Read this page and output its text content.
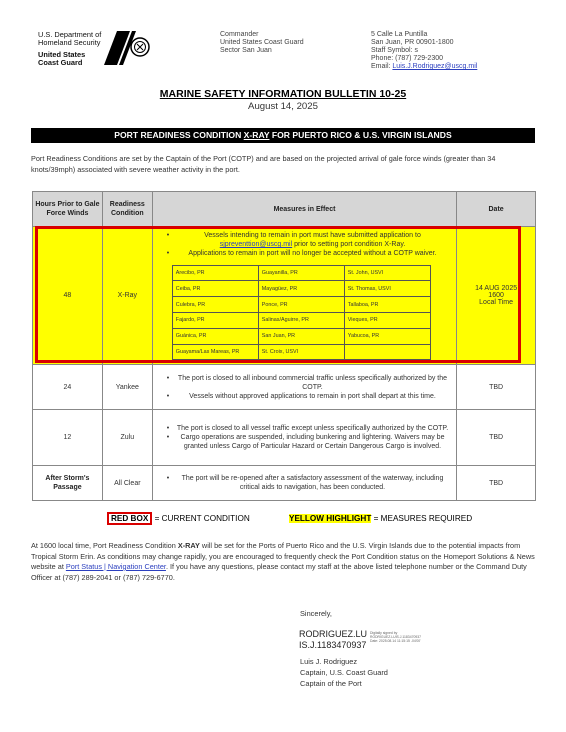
U.S. Department of
Homeland Security
United States
Coast Guard
Commander
United States Coast Guard
Sector San Juan
5 Calle La Puntilla
San Juan, PR 00901-1800
Staff Symbol: s
Phone: (787) 729-2300
Email: Luis.J.Rodriguez@uscg.mil
MARINE SAFETY INFORMATION BULLETIN 10-25
August 14, 2025
PORT READINESS CONDITION X-RAY FOR PUERTO RICO & U.S. VIRGIN ISLANDS
Port Readiness Conditions are set by the Captain of the Port (COTP) and are based on the projected arrival of gale force winds (greater than 34 knots/39mph) associated with severe weather activity in the port.
Hours Prior to Gale Force Winds	Readiness Condition	Measures in Effect	Date
48	X-Ray	
• Vessels intending to remain in port must have submitted application to sjpreventtion@uscg.mil prior to setting port condition X-Ray.
• Applications to remain in port will no longer be accepted without a COTP waiver.
Arecibo, PR	Guayanilla, PR	St. John, USVI
Ceiba, PR	Mayagüez, PR	St. Thomas, USVI
Culebra, PR	Ponce, PR	Tallaboa, PR
Fajardo, PR	Salinas/Aguirre, PR	Vieques, PR
Guánica, PR	San Juan, PR	Yabucoa, PR
Guayama/Las Mareas, PR	St. Croix, USVI	

14 AUG 2025
1600
Local Time

24	Yankee	
• The port is closed to all inbound commercial traffic unless specifically authorized by the COTP.
• Vessels without approved applications to remain in port shall depart at this time.
	TBD
12	Zulu	
• The port is closed to all vessel traffic except unless specifically authorized by the COTP.
• Cargo operations are suspended, including bunkering and lightering. Waivers may be granted unless Cargo of Particular Hazard or Certain Dangerous Cargo is involved.
	TBD
After Storm's Passage	All Clear	
• The port will be re-opened after a satisfactory assessment of the waterway, including critical aids to navigation, has been conducted.
	TBD
RED BOX = CURRENT CONDITION	YELLOW HIGHLIGHT = MEASURES REQUIRED
At 1600 local time, Port Readiness Condition X-RAY will be set for the Ports of Puerto Rico and the U.S. Virgin Islands due to the potential impacts from Tropical Storm Erin. As conditions may change rapidly, you are encouraged to frequently check the Port Condition status on the Homeport Solutions & News website at Port Status | Navigation Center. If you have any questions, please contact my staff at the above listed telephone number or the Command Duty Officer at (787) 289-2041 or (787) 729-6770.
Sincerely,
RODRIGUEZ.LU
IS.J.1183470937
Digitally signed by
RODRIGUEZ.LUIS.J.1183470937
Date: 2025.08.14 11:15:15 -04'00'
Luis J. Rodriguez
Captain, U.S. Coast Guard
Captain of the Port
